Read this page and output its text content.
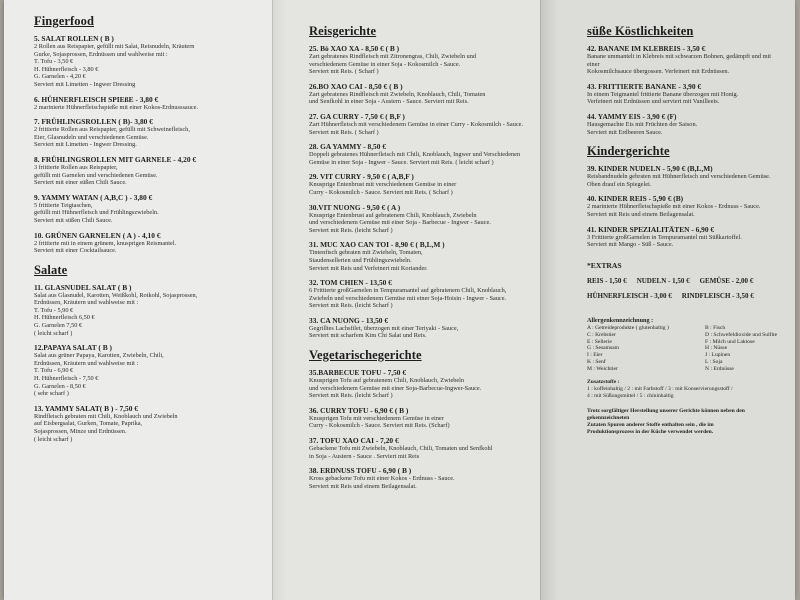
Fingerfood
5. SALAT ROLLEN ( B )
2 Rollen aus Reispapier, gefüllt mit Salat, Reisnudeln, Kräutern
Gurke, Sojasprossen, Erdnüssen und wahlweise mit :
T. Tofu - 3,50 €
H. Hühnerfleisch - 3,80 €
G. Garnelen - 4,20 €
Serviert mit Limetten - Ingwer Dressing
6. HÜHNERFLEISCH SPIEßE - 3,80 €
2 marinierte Hühnerfleischspieße mit einer Kokos-Erdnusssauce.
7. FRÜHLINGSROLLEN ( B)- 3,80 €
2 frittierte Rollen aus Reispapier, gefüllt mit Schweinefleisch,
Eier, Glasnudeln und verschiedenen Gemüse.
Serviert mit Limetten - Ingwer Dressing.
8. FRÜHLINGSROLLEN MIT GARNELE - 4,20 €
3 frittierte Rollen aus Reispapier,
gefüllt mit Garnelen und verschiedenen Gemüse.
Serviert mit einer süßen Chili Sauce.
9. YAMMY WATAN ( A,B,C ) - 3,80 €
5 frittierte Teigtaschen,
gefüllt mit Hühnerfleisch und Frühlingszwiebeln.
Serviert mit süßen Chili Sauce.
10. GRÜNEN GARNELEN ( A ) - 4,10 €
2 frittierte mit in einem grünem, knusprigen Reismantel.
Serviert mit einer Cocktailsauce.
Salate
11. GLASNUDEL SALAT ( B )
Salat aus Glasnudel, Karotten, Weißkohl, Rotkohl, Sojasprossen,
Erdnüssen, Kräutern und wahlweise mit :
T. Tofu - 5,90 €
H. Hühnerfleisch 6,50 €
G. Garnelen 7,50 €
( leicht scharf )
12.PAPAYA SALAT ( B )
Salat aus grüner Papaya, Karotten, Zwiebeln, Chili,
Erdnüssen, Kräutern und wahlweise mit :
T. Tofu - 6,90 €
H. Hühnerfleisch - 7,50 €
G. Garnelen - 8,50 €
( sehr scharf )
13. YAMMY SALAT( B ) - 7,50 €
Rindfleisch gebraten mit Chili, Knoblauch und Zwiebeln
auf Eisbergsalat, Gurken, Tomate, Paprika,
Sojasprossen, Minze und Erdnüssen.
( leicht scharf )
Reisgerichte
25. Bò XAO XA - 8,50 € ( B )
Zart gebratenes Rindfleisch mit Zitronengras, Chili, Zwiebeln und
verschiedenem Gemüse in einer Soja - Kokosmilch - Sauce.
Serviert mit Reis. ( Scharf )
26.BO XAO CAI - 8,50 € ( B )
Zart gebratenes Rindfleisch mit Zwiebeln, Knoblauch, Chili, Tomaten
und Senfkohl in einer Soja - Austern - Sauce. Serviert mit Reis.
27. GA CURRY - 7,50 € ( B,F )
Zart Hühnerfleisch mit verschiedenem Gemüse in einer Curry - Kokosmilch - Sauce.
Serviert mit Reis. ( Scharf )
28. GA YAMMY - 8,50 €
Doppelt gebratenes Hühnerfleisch mit Chili, Knoblauch, Ingwer und Verschiedenen
Gemüse in einer Soja - Ingwer - Sauce. Serviert mit Reis. ( leicht scharf )
29. VIT CURRY - 9,50 € ( A,B,F )
Knusprige Entenbrust mit verschiedenem Gemüse in einer
Curry - Kokosmilch - Sauce. Serviert mit Reis. ( Scharf )
30.VIT NUONG - 9,50 € ( A )
Knusprige Entenbrust auf gebratenem Chili, Knoblauch, Zwiebeln
und verschiedenem Gemüse mit einer Soja - Barbecue - Ingwer - Sauce.
Serviert mit Reis. (leicht Scharf )
31. MUC XAO CAN TOI - 8,90 € ( B,L,M )
Tintenfisch gebraten mit Zwiebeln, Tomaten,
Staudensellerien und Frühlingszwiebeln.
Serviert mit Reis und Verfeinert mit Koriander.
32. TOM CHIEN - 13,50 €
6 Frittierte großGarnelen in Tempuramantel auf gebratenem Chili, Knoblauch,
Zwiebeln und verschiedenem Gemüse mit einer Soja-Hoisin - Ingwer - Sauce.
Serviert mit Reis. (leicht Scharf )
33. CA NUONG - 13,50 €
Gegrilltes Lachsfilet, überzogen mit einer Teriyaki - Sauce,
Serviert mit scharfem Kim Chi Salat und Reis.
Vegetarischegerichte
35.BARBECUE TOFU - 7,50 €
Knusprigen Tofu auf gebratenem Chili, Knoblauch, Zwiebeln
und verschiedenem Gemüse mit einer Soja-Barbecue-Ingwer-Sauce.
Serviert mit Reis. (leicht Scharf )
36. CURRY TOFU - 6,90 € ( B )
Knusprigen Tofu mit verschiedenem Gemüse in einer
Curry - Kokosmilch - Sauce. Serviert mit Reis. (Scharf)
37. TOFU XAO CAI - 7,20 €
Gebackene Tofu mit Zwiebeln, Knoblauch, Chili, Tomaten und Senfkohl
in Soja - Austern - Sauce . Serviert mit Reis
38. ERDNUSS TOFU - 6,90 ( B )
Kross gebackene Tofu mit einer Kokos - Erdnuss - Sauce.
Serviert mit Reis und einem Beilagensalat.
süße Köstlichkeiten
42. BANANE IM KLEBREIS - 3,50 €
Banane ummantelt in Klebreis mit schwarzen Bohnen, gedämpft und mit einer
Kokosmilchsauce übergossen. Verfeinert mit Erdnüssen.
43. FRITTIERTE BANANE - 3,90 €
In einem Teigmantel frittierte Banane überzogen mit Honig.
Verfeinert mit Erdnüssen und serviert mit Vanilleeis.
44. YAMMY EIS - 3,90 € (F)
Hausgemachte Eis mit Früchten der Saison.
Serviert mit Erdbeeren Sauce.
Kindergerichte
39. KINDER NUDELN - 5,90 € (B,L,M)
Reisbandnudeln gebraten mit Hühnerfleisch und verschiedenen Gemüse.
Oben drauf ein Spiegelei.
40. KINDER REIS - 5,90 € (B)
2 marinierte Hühnerfleischspieße mit einer Kokos - Erdnuss - Sauce.
Serviert mit Reis und einem Beilagensalat.
41. KINDER SPEZIALITÄTEN - 6,90 €
3 Frittierte großGarnelen in Tempuramantel mit Süßkartoffel.
Serviert mit Mango - Süß - Sauce.
*EXTRAS
REIS - 1,50 € NUDELN - 1,50 € GEMÜSE - 2,00 €
HÜHNERFLEISCH - 3,00 € RINDFLEISCH - 3,50 €
Allergenkennzeichnung :
A : Getreideprodukte ( glutenhaltig )	B : Fisch
C : Krebstier	D : Schwefeldioxide und Sulfite
E : Sellerie	F : Milch und Laktose
G : Sesamsam	H : Nüsse
I : Eier	J : Lupinen
K : Senf	L : Soja
M : Weichtier	N : Erdnüsse
Zusatzstoffe :
1 : koffeinhaltig / 2 : mit Farbstoff / 3 : mit Konservierungsstoff /
4 : mit Süßungsmittel / 5 : chininhaltig
Trotz sorgfältiger Herstellung unserer Gerichte können neben den gekennzeichneten
Zutaten Spuren anderer Stoffe enthalten sein , die im
Produktionsprozess in der Küche verwendet werden.
